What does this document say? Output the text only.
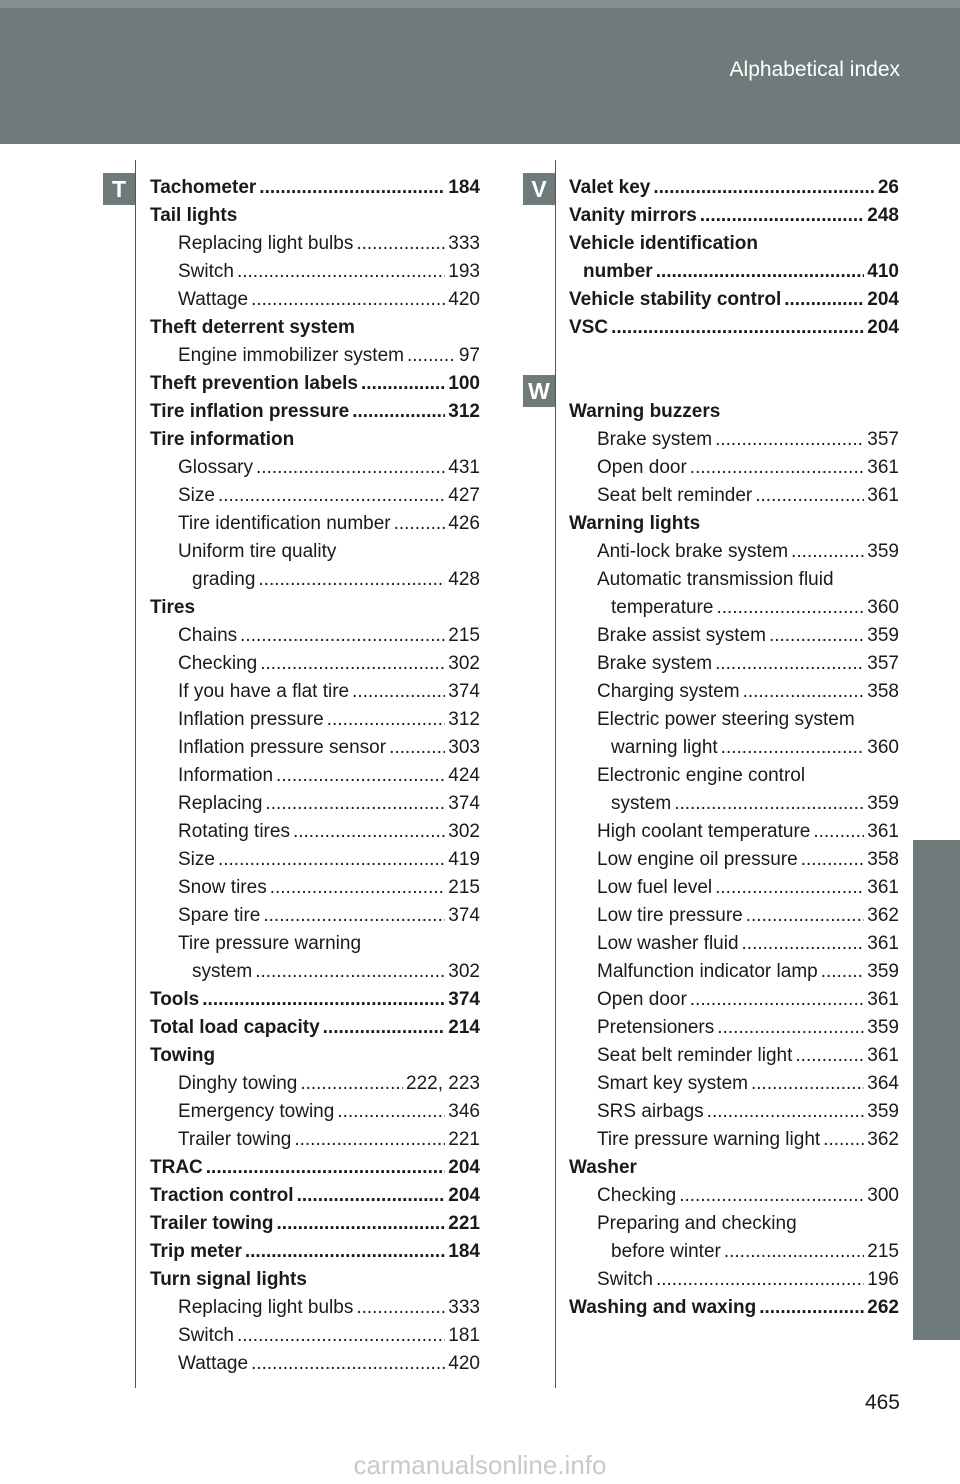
Alphabetical index
T	V
W
Tachometer .....	184
Tail lights
Replacing light bulbs .....	333
Switch .....	193
Wattage .....	420
Theft deterrent system
Engine immobilizer system .....	97
Theft prevention labels .....	100
Tire inflation pressure .....	312
Tire information
Glossary .....	431
Size .....	427
Tire identification number .....	426
Uniform tire quality
grading .....	428
Tires
Chains .....	215
Checking .....	302
If you have a flat tire .....	374
Inflation pressure .....	312
Inflation pressure sensor .....	303
Information .....	424
Replacing .....	374
Rotating tires .....	302
Size .....	419
Snow tires .....	215
Spare tire .....	374
Tire pressure warning
system .....	302
Tools .....	374
Total load capacity .....	214
Towing
Dinghy towing .....	222, 223
Emergency towing .....	346
Trailer towing .....	221
TRAC .....	204
Traction control .....	204
Trailer towing .....	221
Trip meter .....	184
Turn signal lights
Replacing light bulbs .....	333
Switch .....	181
Wattage .....	420
Valet key .....	26
Vanity mirrors .....	248
Vehicle identification
number .....	410
Vehicle stability control .....	204
VSC .....	204
Warning buzzers
Brake system .....	357
Open door .....	361
Seat belt reminder .....	361
Warning lights
Anti-lock brake system .....	359
Automatic transmission fluid
temperature .....	360
Brake assist system .....	359
Brake system .....	357
Charging system .....	358
Electric power steering system
warning light .....	360
Electronic engine control
system .....	359
High coolant temperature .....	361
Low engine oil pressure .....	358
Low fuel level .....	361
Low tire pressure .....	362
Low washer fluid .....	361
Malfunction indicator lamp .....	359
Open door .....	361
Pretensioners .....	359
Seat belt reminder light .....	361
Smart key system .....	364
SRS airbags .....	359
Tire pressure warning light ..... 362
Washer
Checking .....	300
Preparing and checking
before winter .....	215
Switch .....	196
Washing and waxing .....	262
465
carmanualsonline.info
